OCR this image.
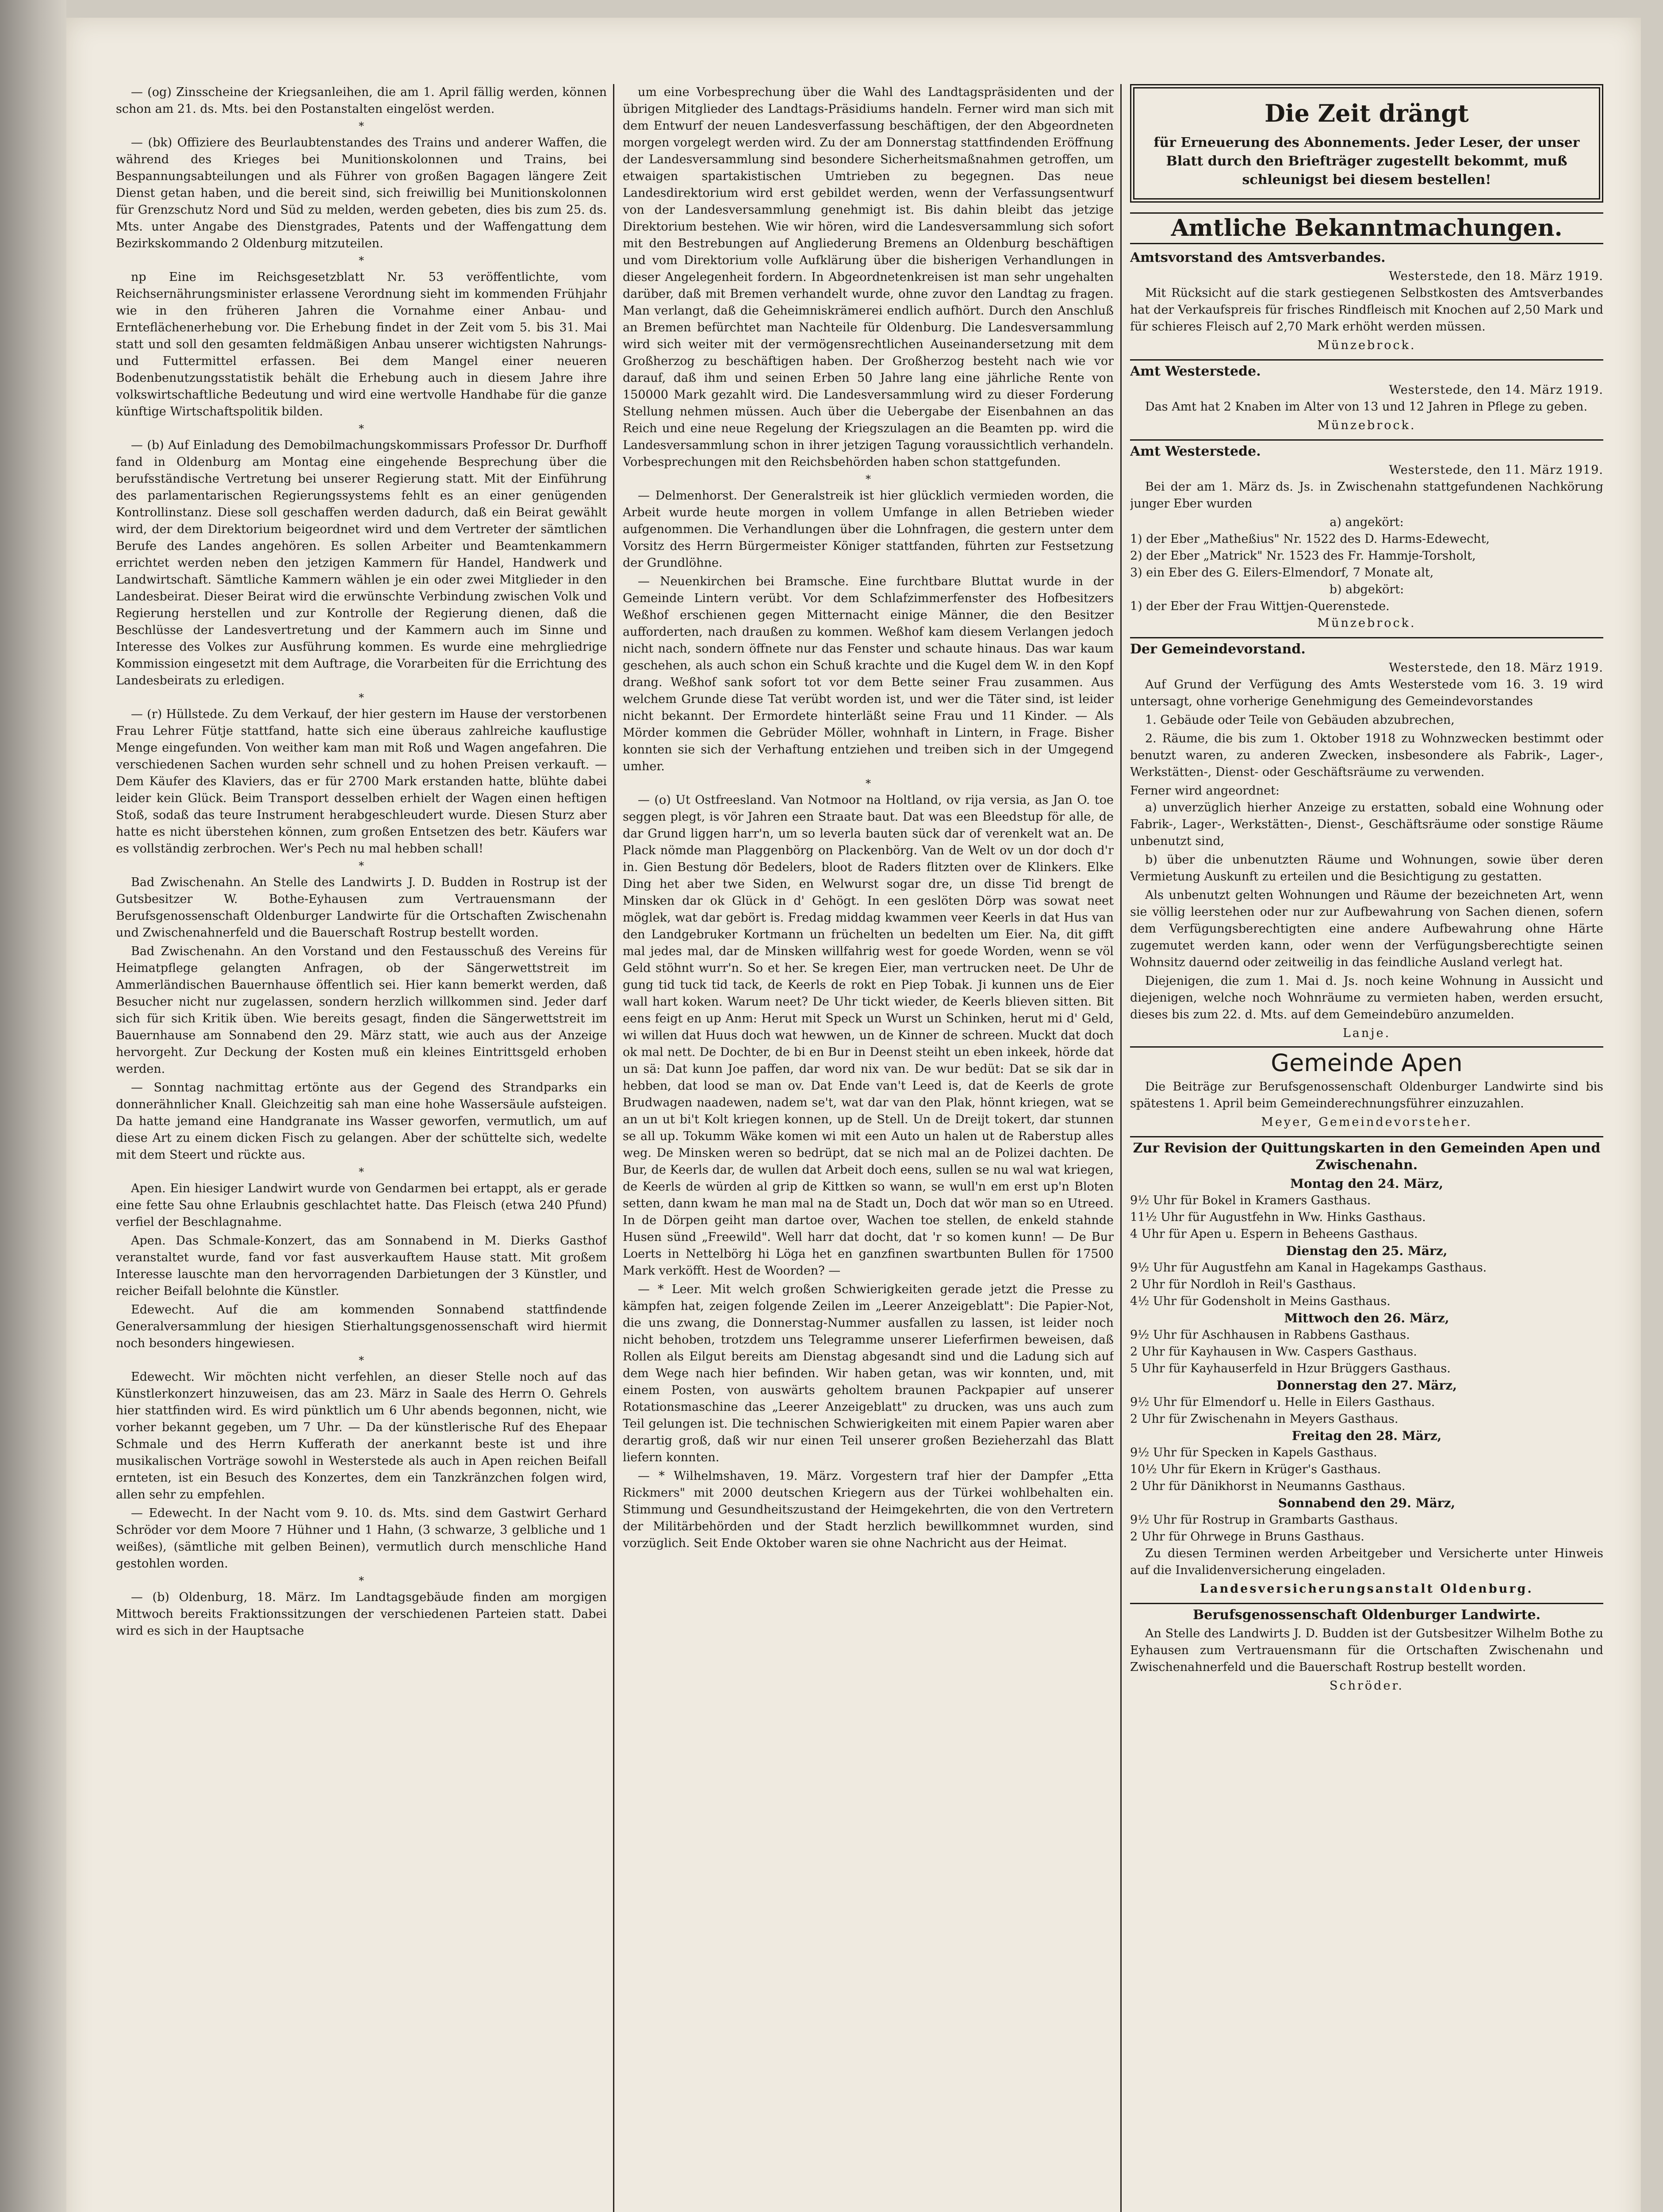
— (og) Zinsscheine der Kriegsanleihen, die am 1. April fällig werden, können schon am 21. ds. Mts. bei den Postanstalten eingelöst werden.

*

— (bk) Offiziere des Beurlaubtenstandes des Trains und anderer Waffen, die während des Krieges bei Munitionskolonnen und Trains, bei Bespannungsabteilungen und als Führer von großen Bagagen längere Zeit Dienst getan haben, und die bereit sind, sich freiwillig bei Munitionskolonnen für Grenzschutz Nord und Süd zu melden, werden gebeten, dies bis zum 25. ds. Mts. unter Angabe des Dienstgrades, Patents und der Waffengattung dem Bezirkskommando 2 Oldenburg mitzuteilen.

*

np Eine im Reichsgesetzblatt Nr. 53 veröffentlichte, vom Reichsernährungsminister erlassene Verordnung sieht im kommenden Frühjahr wie in den früheren Jahren die Vornahme einer Anbau- und Ernteflächenerhebung vor. Die Erhebung findet in der Zeit vom 5. bis 31. Mai statt und soll den gesamten feldmäßigen Anbau unserer wichtigsten Nahrungs- und Futtermittel erfassen. Bei dem Mangel einer neueren Bodenbenutzungsstatistik behält die Erhebung auch in diesem Jahre ihre volkswirtschaftliche Bedeutung und wird eine wertvolle Handhabe für die ganze künftige Wirtschaftspolitik bilden.

*

— (b) Auf Einladung des Demobilmachungskommissars Professor Dr. Durfhoff fand in Oldenburg am Montag eine eingehende Besprechung über die berufsständische Vertretung bei unserer Regierung statt. Mit der Einführung des parlamentarischen Regierungssystems fehlt es an einer genügenden Kontrollinstanz. Diese soll geschaffen werden dadurch, daß ein Beirat gewählt wird, der dem Direktorium beigeordnet wird und dem Vertreter der sämtlichen Berufe des Landes angehören. Es sollen Arbeiter und Beamtenkammern errichtet werden neben den jetzigen Kammern für Handel, Handwerk und Landwirtschaft. Sämtliche Kammern wählen je ein oder zwei Mitglieder in den Landesbeirat. Dieser Beirat wird die erwünschte Verbindung zwischen Volk und Regierung herstellen und zur Kontrolle der Regierung dienen, daß die Beschlüsse der Landesvertretung und der Kammern auch im Sinne und Interesse des Volkes zur Ausführung kommen. Es wurde eine mehrgliedrige Kommission eingesetzt mit dem Auftrage, die Vorarbeiten für die Errichtung des Landesbeirats zu erledigen.

*

— (r) Hüllstede. Zu dem Verkauf, der hier gestern im Hause der verstorbenen Frau Lehrer Fütje stattfand, hatte sich eine überaus zahlreiche kauflustige Menge eingefunden. Von weither kam man mit Roß und Wagen angefahren. Die verschiedenen Sachen wurden sehr schnell und zu hohen Preisen verkauft. — Dem Käufer des Klaviers, das er für 2700 Mark erstanden hatte, blühte dabei leider kein Glück. Beim Transport desselben erhielt der Wagen einen heftigen Stoß, sodaß das teure Instrument herabgeschleudert wurde. Diesen Sturz aber hatte es nicht überstehen können, zum großen Entsetzen des betr. Käufers war es vollständig zerbrochen. Wer's Pech nu mal hebben schall!

*

Bad Zwischenahn. An Stelle des Landwirts J. D. Budden in Rostrup ist der Gutsbesitzer W. Bothe-Eyhausen zum Vertrauensmann der Berufsgenossenschaft Oldenburger Landwirte für die Ortschaften Zwischenahn und Zwischenahnerfeld und die Bauerschaft Rostrup bestellt worden.

Bad Zwischenahn. An den Vorstand und den Festausschuß des Vereins für Heimatpflege gelangten Anfragen, ob der Sängerwettstreit im Ammerländischen Bauernhause öffentlich sei. Hier kann bemerkt werden, daß Besucher nicht nur zugelassen, sondern herzlich willkommen sind. Jeder darf sich für sich Kritik üben. Wie bereits gesagt, finden die Sängerwettstreit im Bauernhause am Sonnabend den 29. März statt, wie auch aus der Anzeige hervorgeht. Zur Deckung der Kosten muß ein kleines Eintrittsgeld erhoben werden.

— Sonntag nachmittag ertönte aus der Gegend des Strandparks ein donnerähnlicher Knall. Gleichzeitig sah man eine hohe Wassersäule aufsteigen. Da hatte jemand eine Handgranate ins Wasser geworfen, vermutlich, um auf diese Art zu einem dicken Fisch zu gelangen. Aber der schüttelte sich, wedelte mit dem Steert und rückte aus.

*

Apen. Ein hiesiger Landwirt wurde von Gendarmen bei ertappt, als er gerade eine fette Sau ohne Erlaubnis geschlachtet hatte. Das Fleisch (etwa 240 Pfund) verfiel der Beschlagnahme.

Apen. Das Schmale-Konzert, das am Sonnabend in M. Dierks Gasthof veranstaltet wurde, fand vor fast ausverkauftem Hause statt. Mit großem Interesse lauschte man den hervorragenden Darbietungen der 3 Künstler, und reicher Beifall belohnte die Künstler.

Edewecht. Auf die am kommenden Sonnabend stattfindende Generalversammlung der hiesigen Stierhaltungsgenossenschaft wird hiermit noch besonders hingewiesen.

*

Edewecht. Wir möchten nicht verfehlen, an dieser Stelle noch auf das Künstlerkonzert hinzuweisen, das am 23. März in Saale des Herrn O. Gehrels hier stattfinden wird. Es wird pünktlich um 6 Uhr abends begonnen, nicht, wie vorher bekannt gegeben, um 7 Uhr. — Da der künstlerische Ruf des Ehepaar Schmale und des Herrn Kufferath der anerkannt beste ist und ihre musikalischen Vorträge sowohl in Westerstede als auch in Apen reichen Beifall ernteten, ist ein Besuch des Konzertes, dem ein Tanzkränzchen folgen wird, allen sehr zu empfehlen.

— Edewecht. In der Nacht vom 9. 10. ds. Mts. sind dem Gastwirt Gerhard Schröder vor dem Moore 7 Hühner und 1 Hahn, (3 schwarze, 3 gelbliche und 1 weißes), (sämtliche mit gelben Beinen), vermutlich durch menschliche Hand gestohlen worden.

*

— (b) Oldenburg, 18. März. Im Landtagsgebäude finden am morgigen Mittwoch bereits Fraktionssitzungen der verschiedenen Parteien statt. Dabei wird es sich in der Hauptsache

um eine Vorbesprechung über die Wahl des Landtagspräsidenten und der übrigen Mitglieder des Landtags-Präsidiums handeln. Ferner wird man sich mit dem Entwurf der neuen Landesverfassung beschäftigen, der den Abgeordneten morgen vorgelegt werden wird. Zu der am Donnerstag stattfindenden Eröffnung der Landesversammlung sind besondere Sicherheitsmaßnahmen getroffen, um etwaigen spartakistischen Umtrieben zu begegnen. Das neue Landesdirektorium wird erst gebildet werden, wenn der Verfassungsentwurf von der Landesversammlung genehmigt ist. Bis dahin bleibt das jetzige Direktorium bestehen. Wie wir hören, wird die Landesversammlung sich sofort mit den Bestrebungen auf Angliederung Bremens an Oldenburg beschäftigen und vom Direktorium volle Aufklärung über die bisherigen Verhandlungen in dieser Angelegenheit fordern. In Abgeordnetenkreisen ist man sehr ungehalten darüber, daß mit Bremen verhandelt wurde, ohne zuvor den Landtag zu fragen. Man verlangt, daß die Geheimniskrämerei endlich aufhört. Durch den Anschluß an Bremen befürchtet man Nachteile für Oldenburg. Die Landesversammlung wird sich weiter mit der vermögensrechtlichen Auseinandersetzung mit dem Großherzog zu beschäftigen haben. Der Großherzog besteht nach wie vor darauf, daß ihm und seinen Erben 50 Jahre lang eine jährliche Rente von 150000 Mark gezahlt wird. Die Landesversammlung wird zu dieser Forderung Stellung nehmen müssen. Auch über die Uebergabe der Eisenbahnen an das Reich und eine neue Regelung der Kriegszulagen an die Beamten pp. wird die Landesversammlung schon in ihrer jetzigen Tagung voraussichtlich verhandeln. Vorbesprechungen mit den Reichsbehörden haben schon stattgefunden.

*

— Delmenhorst. Der Generalstreik ist hier glücklich vermieden worden, die Arbeit wurde heute morgen in vollem Umfange in allen Betrieben wieder aufgenommen. Die Verhandlungen über die Lohnfragen, die gestern unter dem Vorsitz des Herrn Bürgermeister Königer stattfanden, führten zur Festsetzung der Grundlöhne.

— Neuenkirchen bei Bramsche. Eine furchtbare Bluttat wurde in der Gemeinde Lintern verübt. Vor dem Schlafzimmerfenster des Hofbesitzers Weßhof erschienen gegen Mitternacht einige Männer, die den Besitzer aufforderten, nach draußen zu kommen. Weßhof kam diesem Verlangen jedoch nicht nach, sondern öffnete nur das Fenster und schaute hinaus. Das war kaum geschehen, als auch schon ein Schuß krachte und die Kugel dem W. in den Kopf drang. Weßhof sank sofort tot vor dem Bette seiner Frau zusammen. Aus welchem Grunde diese Tat verübt worden ist, und wer die Täter sind, ist leider nicht bekannt. Der Ermordete hinterläßt seine Frau und 11 Kinder. — Als Mörder kommen die Gebrüder Möller, wohnhaft in Lintern, in Frage. Bisher konnten sie sich der Verhaftung entziehen und treiben sich in der Umgegend umher.

*

— (o) Ut Ostfreesland. Van Notmoor na Holtland, ov rija versia, as Jan O. toe seggen plegt, is vör Jahren een Straate baut. Dat was een Bleedstup för alle, de dar Grund liggen harr'n, um so leverla bauten sück dar of verenkelt wat an. De Plack nömde man Plaggenbörg on Plackenbörg. Van de Welt ov un dor doch d'r in. Gien Bestung dör Bedelers, bloot de Raders flitzten over de Klinkers. Elke Ding het aber twe Siden, en Welwurst sogar dre, un disse Tid brengt de Minsken dar ok Glück in d' Gehögt. In een geslöten Dörp was sowat neet möglek, wat dar gebört is. Fredag middag kwammen veer Keerls in dat Hus van den Landgebruker Kortmann un früchelten un bedelten um Eier. Na, dit gifft mal jedes mal, dar de Minsken willfahrig west for goede Worden, wenn se völ Geld stöhnt wurr'n. So et her. Se kregen Eier, man vertrucken neet. De Uhr de gung tid tuck tid tack, de Keerls de rokt en Piep Tobak. Ji kunnen uns de Eier wall hart koken. Warum neet? De Uhr tickt wieder, de Keerls blieven sitten. Bit eens feigt en up Anm: Herut mit Speck un Wurst un Schinken, herut mi d' Geld, wi willen dat Huus doch wat hewwen, un de Kinner de schreen. Muckt dat doch ok mal nett. De Dochter, de bi en Bur in Deenst steiht un eben inkeek, hörde dat un sä: Dat kunn Joe paffen, dar word nix van. De wur bedüt: Dat se sik dar in hebben, dat lood se man ov. Dat Ende van't Leed is, dat de Keerls de grote Brudwagen naadewen, nadem se't, wat dar van den Plak, hönnt kriegen, wat se an un ut bi't Kolt kriegen konnen, up de Stell. Un de Dreijt tokert, dar stunnen se all up. Tokumm Wäke komen wi mit een Auto un halen ut de Raberstup alles weg. De Minsken weren so bedrüpt, dat se nich mal an de Polizei dachten. De Bur, de Keerls dar, de wullen dat Arbeit doch eens, sullen se nu wal wat kriegen, de Keerls de würden al grip de Kittken so wann, se wull'n em erst up'n Bloten setten, dann kwam he man mal na de Stadt un, Doch dat wör man so en Utreed. In de Dörpen geiht man dartoe over, Wachen toe stellen, de enkeld stahnde Husen sünd „Freewild". Well harr dat docht, dat 'r so komen kunn! — De Bur Loerts in Nettelbörg hi Löga het en ganzfinen swartbunten Bullen för 17500 Mark verköfft. Hest de Woorden? —

— * Leer. Mit welch großen Schwierigkeiten gerade jetzt die Presse zu kämpfen hat, zeigen folgende Zeilen im „Leerer Anzeigeblatt": Die Papier-Not, die uns zwang, die Donnerstag-Nummer ausfallen zu lassen, ist leider noch nicht behoben, trotzdem uns Telegramme unserer Lieferfirmen beweisen, daß Rollen als Eilgut bereits am Dienstag abgesandt sind und die Ladung sich auf dem Wege nach hier befinden. Wir haben getan, was wir konnten, und, mit einem Posten, von auswärts geholtem braunen Packpapier auf unserer Rotationsmaschine das „Leerer Anzeigeblatt" zu drucken, was uns auch zum Teil gelungen ist. Die technischen Schwierigkeiten mit einem Papier waren aber derartig groß, daß wir nur einen Teil unserer großen Bezieherzahl das Blatt liefern konnten.

— * Wilhelmshaven, 19. März. Vorgestern traf hier der Dampfer „Etta Rickmers" mit 2000 deutschen Kriegern aus der Türkei wohlbehalten ein. Stimmung und Gesundheitszustand der Heimgekehrten, die von den Vertretern der Militärbehörden und der Stadt herzlich bewillkommnet wurden, sind vorzüglich. Seit Ende Oktober waren sie ohne Nachricht aus der Heimat.

Die Zeit drängt
für Erneuerung des Abonnements. Jeder Leser, der unser Blatt durch den Briefträger zugestellt bekommt, muß schleunigst bei diesem bestellen!
Amtliche Bekanntmachungen.
Amtsvorstand des Amtsverbandes.
Westerstede, den 18. März 1919.

Mit Rücksicht auf die stark gestiegenen Selbstkosten des Amtsverbandes hat der Verkaufspreis für frisches Rindfleisch mit Knochen auf 2,50 Mark und für schieres Fleisch auf 2,70 Mark erhöht werden müssen.

Münzebrock.
Amt Westerstede.
Westerstede, den 14. März 1919.

Das Amt hat 2 Knaben im Alter von 13 und 12 Jahren in Pflege zu geben.

Münzebrock.
Amt Westerstede.
Westerstede, den 11. März 1919.

Bei der am 1. März ds. Js. in Zwischenahn stattgefundenen Nachkörung junger Eber wurden

a) angekört:
1) der Eber „Matheßius" Nr. 1522 des D. Harms-Edewecht,
2) der Eber „Matrick" Nr. 1523 des Fr. Hammje-Torsholt,
3) ein Eber des G. Eilers-Elmendorf, 7 Monate alt,
b) abgekört:
1) der Eber der Frau Wittjen-Querenstede.
Münzebrock.
Der Gemeindevorstand.
Westerstede, den 18. März 1919.

Auf Grund der Verfügung des Amts Westerstede vom 16. 3. 19 wird untersagt, ohne vorherige Genehmigung des Gemeindevorstandes

1. Gebäude oder Teile von Gebäuden abzubrechen,

2. Räume, die bis zum 1. Oktober 1918 zu Wohnzwecken bestimmt oder benutzt waren, zu anderen Zwecken, insbesondere als Fabrik-, Lager-, Werkstätten-, Dienst- oder Geschäftsräume zu verwenden.

Ferner wird angeordnet:

a) unverzüglich hierher Anzeige zu erstatten, sobald eine Wohnung oder Fabrik-, Lager-, Werkstätten-, Dienst-, Geschäftsräume oder sonstige Räume unbenutzt sind,

b) über die unbenutzten Räume und Wohnungen, sowie über deren Vermietung Auskunft zu erteilen und die Besichtigung zu gestatten.

Als unbenutzt gelten Wohnungen und Räume der bezeichneten Art, wenn sie völlig leerstehen oder nur zur Aufbewahrung von Sachen dienen, sofern dem Verfügungsberechtigten eine andere Aufbewahrung ohne Härte zugemutet werden kann, oder wenn der Verfügungsberechtigte seinen Wohnsitz dauernd oder zeitweilig in das feindliche Ausland verlegt hat.

Diejenigen, die zum 1. Mai d. Js. noch keine Wohnung in Aussicht und diejenigen, welche noch Wohnräume zu vermieten haben, werden ersucht, dieses bis zum 22. d. Mts. auf dem Gemeindebüro anzumelden.

Lanje.
Gemeinde Apen

Die Beiträge zur Berufsgenossenschaft Oldenburger Landwirte sind bis spätestens 1. April beim Gemeinderechnungsführer einzuzahlen.

Meyer, Gemeindevorsteher.
Zur Revision der Quittungskarten in den Gemeinden Apen und Zwischenahn.
Montag den 24. März,
9½ Uhr für Bokel in Kramers Gasthaus.
11½ Uhr für Augustfehn in Ww. Hinks Gasthaus.
4 Uhr für Apen u. Espern in Beheens Gasthaus.
Dienstag den 25. März,
9½ Uhr für Augustfehn am Kanal in Hagekamps Gasthaus.
2 Uhr für Nordloh in Reil's Gasthaus.
4½ Uhr für Godensholt in Meins Gasthaus.
Mittwoch den 26. März,
9½ Uhr für Aschhausen in Rabbens Gasthaus.
2 Uhr für Kayhausen in Ww. Caspers Gasthaus.
5 Uhr für Kayhauserfeld in Hzur Brüggers Gasthaus.
Donnerstag den 27. März,
9½ Uhr für Elmendorf u. Helle in Eilers Gasthaus.
2 Uhr für Zwischenahn in Meyers Gasthaus.
Freitag den 28. März,
9½ Uhr für Specken in Kapels Gasthaus.
10½ Uhr für Ekern in Krüger's Gasthaus.
2 Uhr für Dänikhorst in Neumanns Gasthaus.
Sonnabend den 29. März,
9½ Uhr für Rostrup in Grambarts Gasthaus.
2 Uhr für Ohrwege in Bruns Gasthaus.

Zu diesen Terminen werden Arbeitgeber und Versicherte unter Hinweis auf die Invalidenversicherung eingeladen.

Landesversicherungsanstalt Oldenburg.
Berufsgenossenschaft Oldenburger Landwirte.

An Stelle des Landwirts J. D. Budden ist der Gutsbesitzer Wilhelm Bothe zu Eyhausen zum Vertrauensmann für die Ortschaften Zwischenahn und Zwischenahnerfeld und die Bauerschaft Rostrup bestellt worden.

Schröder.
